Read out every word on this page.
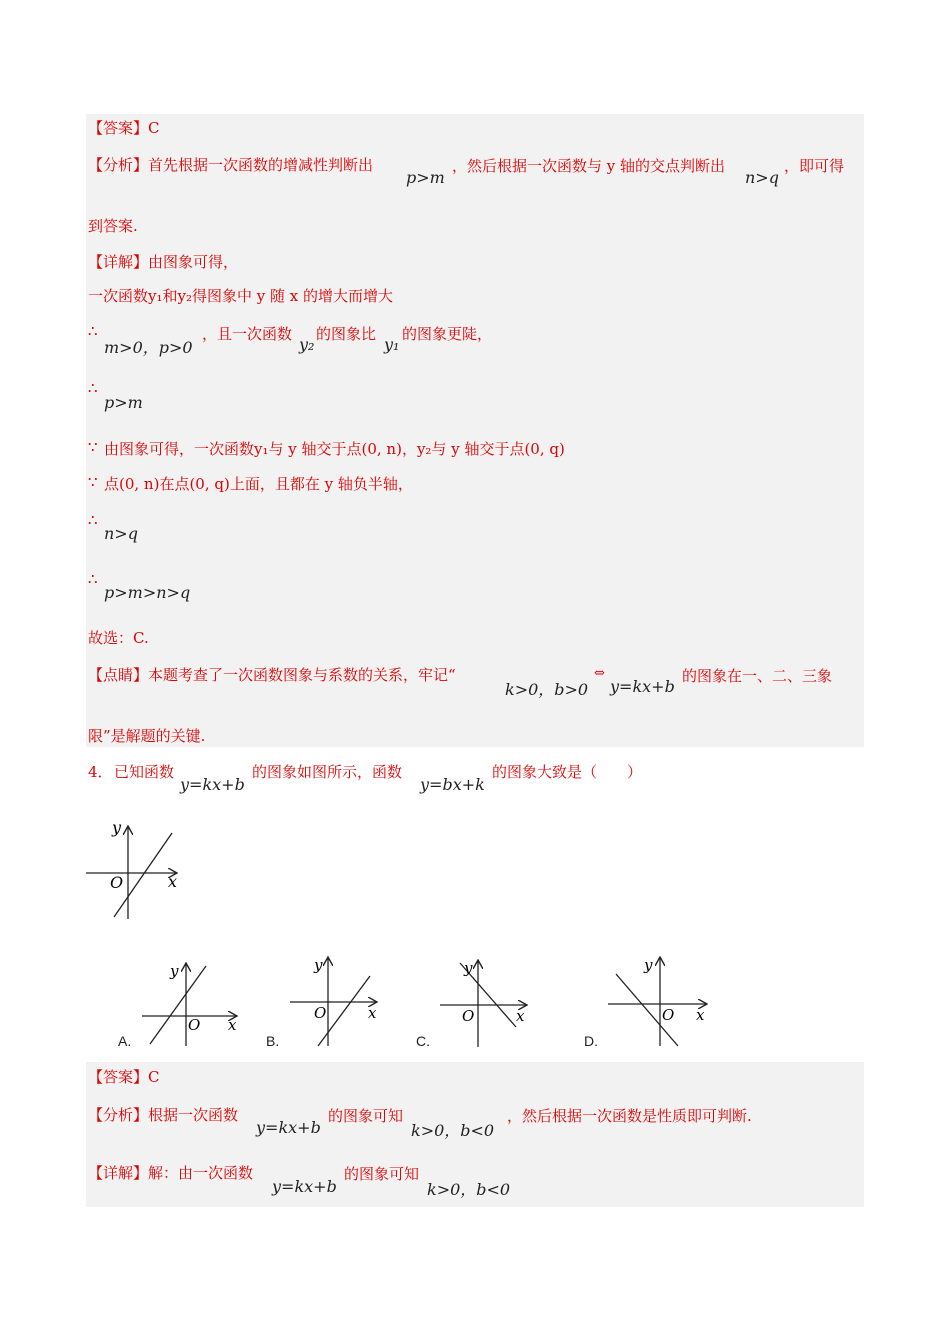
【答案】C
【分析】首先根据一次函数的增减性判断出
p>m
，然后根据一次函数与 y 轴的交点判断出
n>q
，即可得
到答案.
【详解】由图象可得，
一次函数y₁和y₂得图象中 y 随 x 的增大而增大
∴
m>0，p>0
，且一次函数
y₂
的图象比
y₁
的图象更陡，
∴
p>m
∵ 由图象可得，一次函数y₁与 y 轴交于点(0, n)，y₂与 y 轴交于点(0, q)
∵ 点(0, n)在点(0, q)上面，且都在 y 轴负半轴，
∴
n>q
∴
p>m>n>q
故选：C.
【点睛】本题考查了一次函数图象与系数的关系，牢记“
k>0，b>0
⇔
y=kx+b
的图象在一、二、三象
限”是解题的关键.
4． 已知函数
y=kx+b
的图象如图所示，函数
y=bx+k
的图象大致是（　　）
y
x
O
y
x
O
A.
y
x
O
B.
y
x
O
C.
y
x
O
D.
【答案】C
【分析】根据一次函数
y=kx+b
的图象可知
k>0，b<0
，然后根据一次函数是性质即可判断.
【详解】解：由一次函数
y=kx+b
的图象可知
k>0，b<0
